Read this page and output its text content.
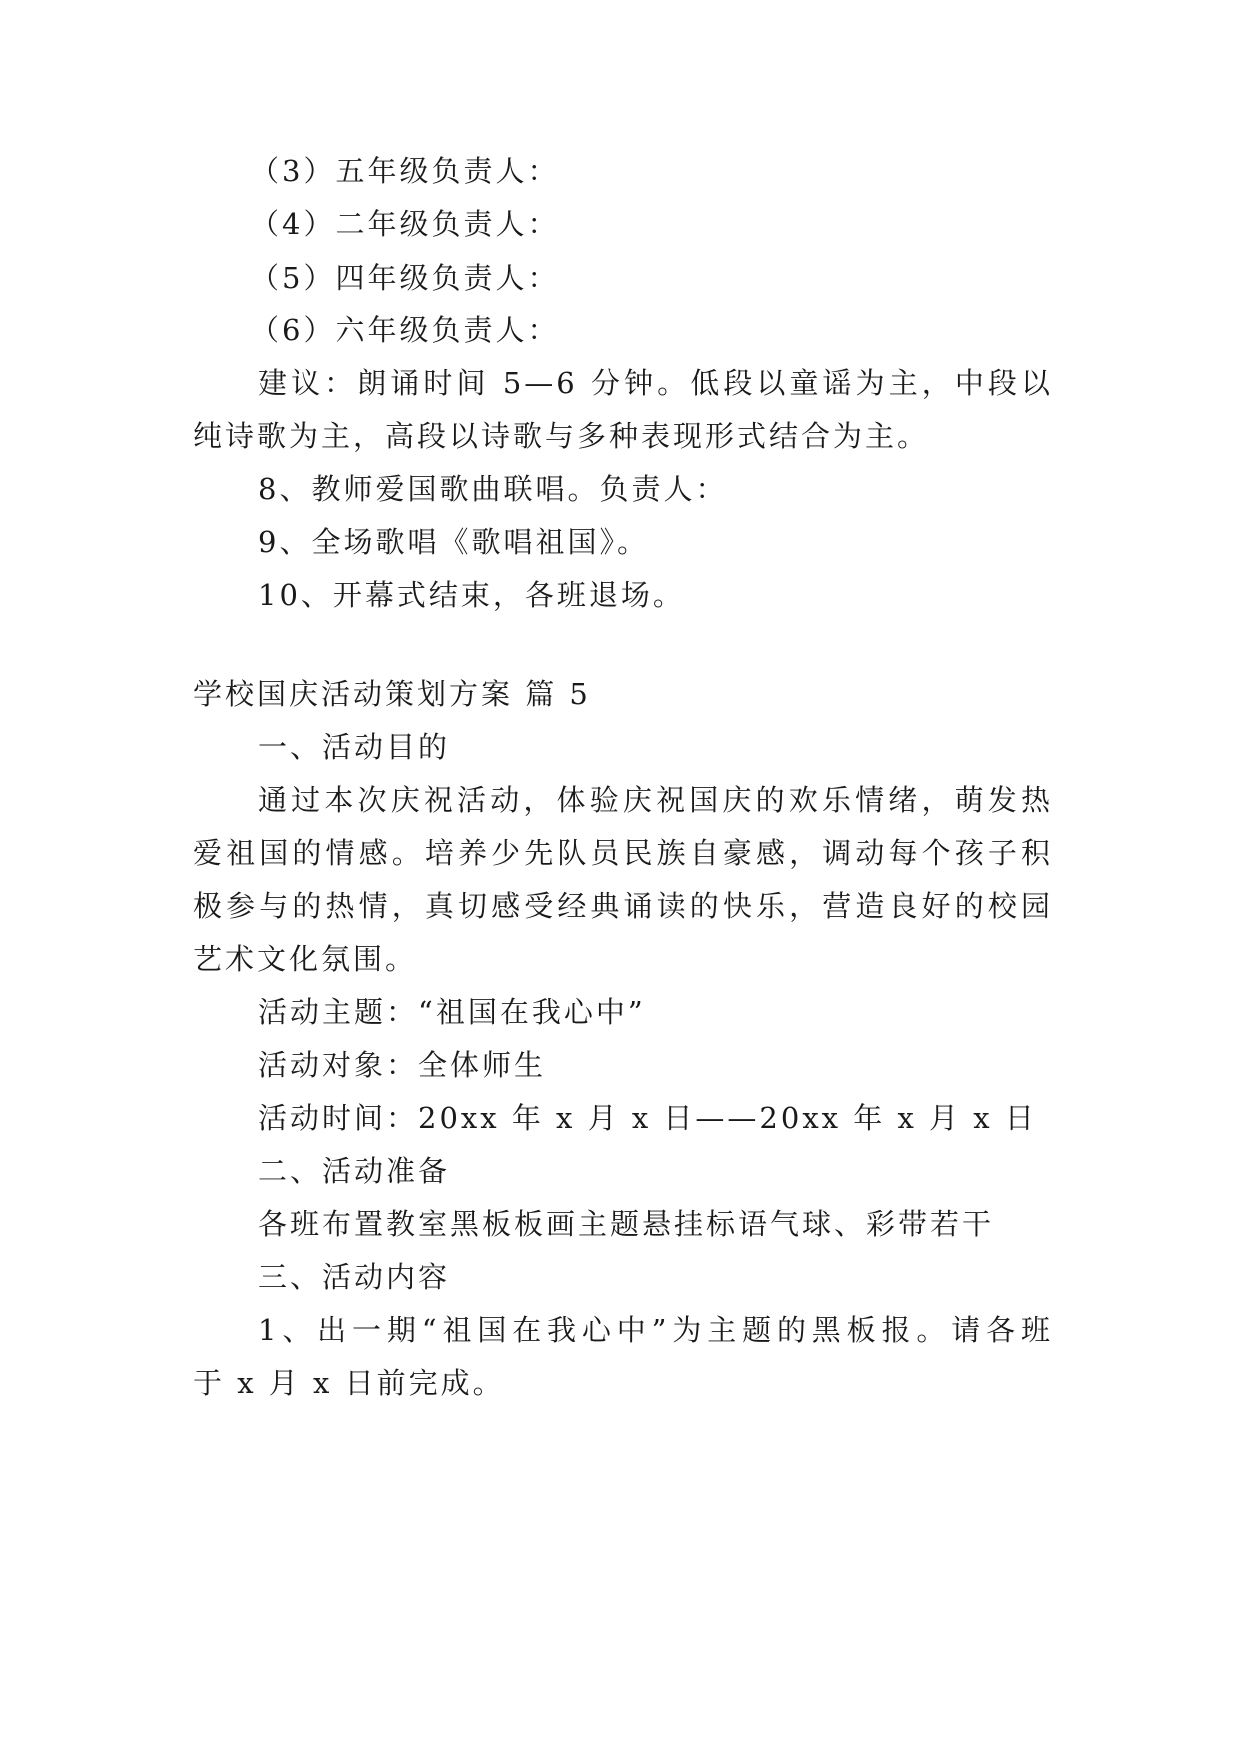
（3）五年级负责人：

（4）二年级负责人：

（5）四年级负责人：

（6）六年级负责人：

建议：朗诵时间 5—6 分钟。低段以童谣为主，中段以

纯诗歌为主，高段以诗歌与多种表现形式结合为主。

8、教师爱国歌曲联唱。负责人：

9、全场歌唱《歌唱祖国》。

10、开幕式结束，各班退场。

学校国庆活动策划方案 篇 5

一、活动目的

通过本次庆祝活动，体验庆祝国庆的欢乐情绪，萌发热

爱祖国的情感。培养少先队员民族自豪感，调动每个孩子积

极参与的热情，真切感受经典诵读的快乐，营造良好的校园

艺术文化氛围。

活动主题：“祖国在我心中”

活动对象：全体师生

活动时间：20xx 年 x 月 x 日——20xx 年 x 月 x 日

二、活动准备

各班布置教室黑板板画主题悬挂标语气球、彩带若干

三、活动内容

1、出一期“祖国在我心中”为主题的黑板报。请各班

于 x 月 x 日前完成。
